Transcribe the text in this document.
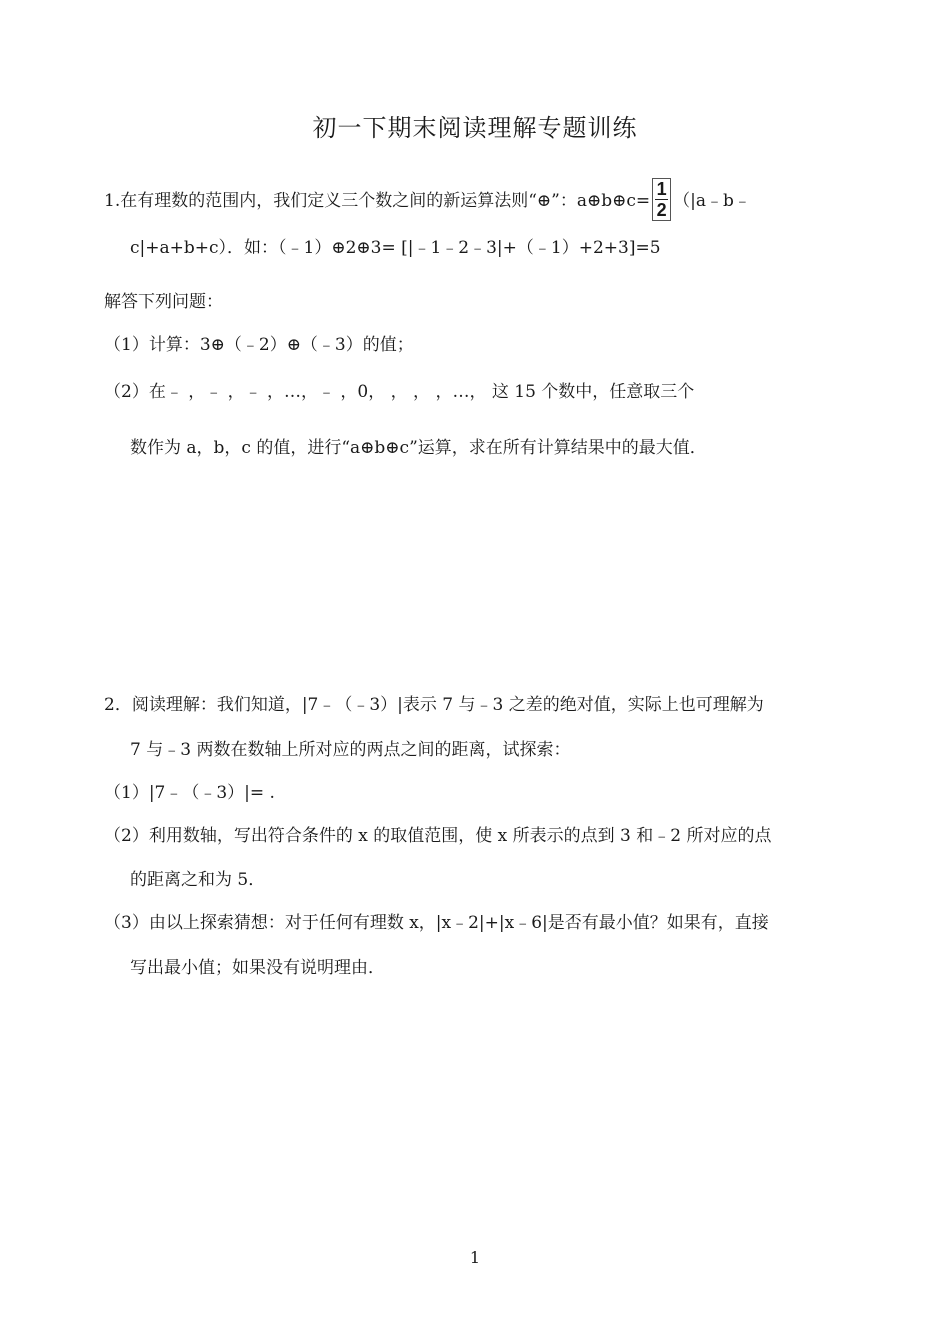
初一下期末阅读理解专题训练
1.在有理数的范围内，我们定义三个数之间的新运算法则“⊕”：a⊕b⊕c= $\frac{1}{2}$ （|a﹣b﹣
c|+a+b+c）．如：（﹣1）⊕2⊕3= [|﹣1﹣2﹣3|+（﹣1）+2+3]=5
解答下列问题：
（1）计算：3⊕（﹣2）⊕（﹣3）的值；
（2）在﹣ ，﹣ ，﹣ ，…，﹣ ，0， ， ， ，…， 这 15 个数中，任意取三个
数作为 a，b，c 的值，进行“a⊕b⊕c”运算，求在所有计算结果中的最大值．
2．阅读理解：我们知道，|7﹣（﹣3）|表示 7 与﹣3 之差的绝对值，实际上也可理解为
7 与﹣3 两数在数轴上所对应的两点之间的距离，试探索：
（1）|7﹣（﹣3）|= .
（2）利用数轴，写出符合条件的 x 的取值范围，使 x 所表示的点到 3 和﹣2 所对应的点
的距离之和为 5．
（3）由以上探索猜想：对于任何有理数 x，|x﹣2|+|x﹣6|是否有最小值？如果有，直接
写出最小值；如果没有说明理由．
1
